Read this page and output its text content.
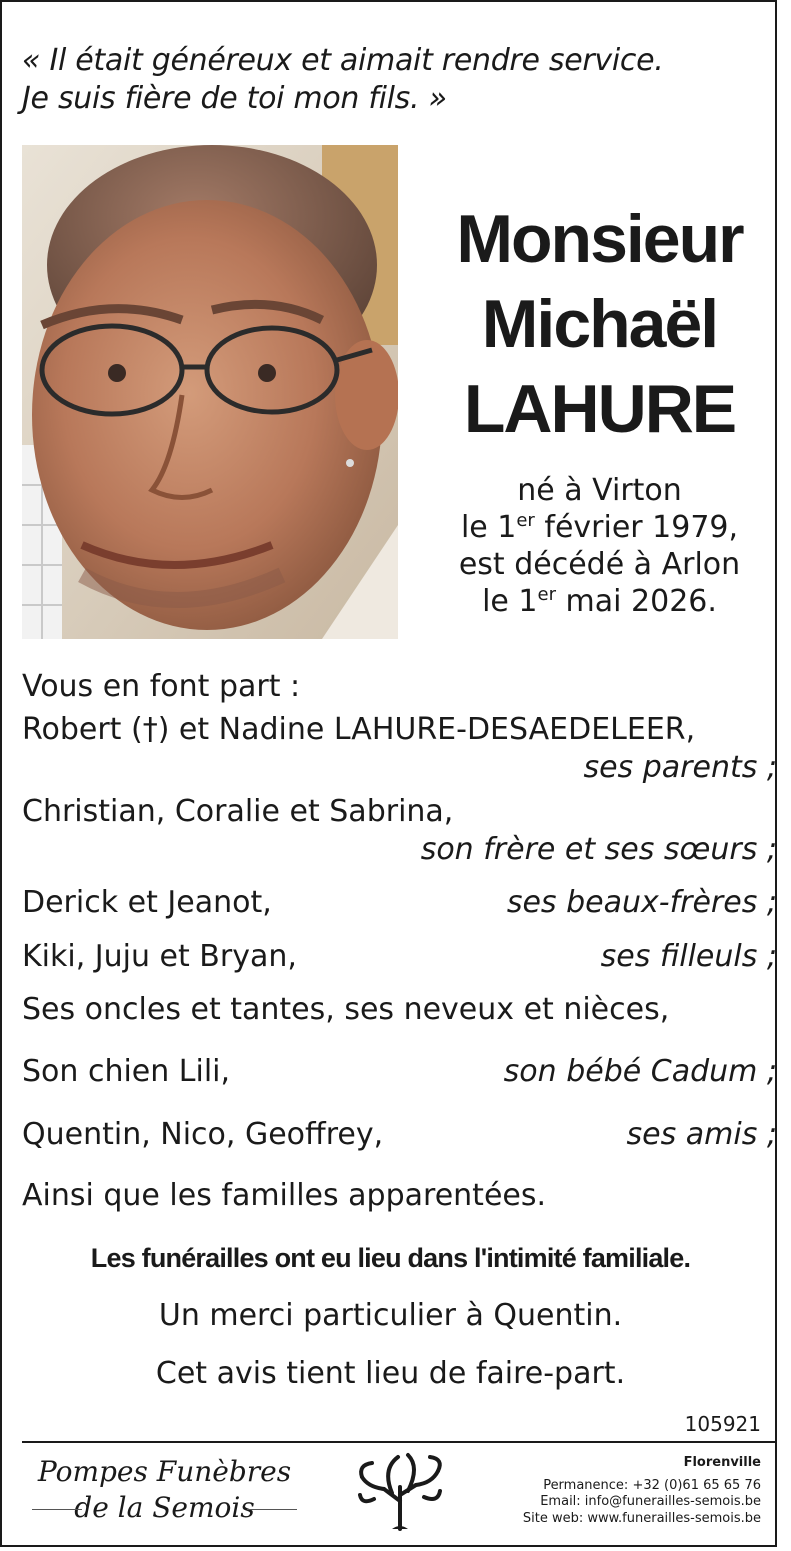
« Il était généreux et aimait rendre service.
Je suis fière de toi mon fils. »
Monsieur
Michaël
LAHURE
né à Virton
le 1er février 1979,
est décédé à Arlon
le 1er mai 2026.
Vous en font part :
Robert (†) et Nadine LAHURE-DESAEDELEER,
ses parents ;
Christian, Coralie et Sabrina,
son frère et ses sœurs ;
Derick et Jeanot,	ses beaux-frères ;
Kiki, Juju et Bryan,	ses filleuls ;
Ses oncles et tantes, ses neveux et nièces,
Son chien Lili,	son bébé Cadum ;
Quentin, Nico, Geoffrey,	ses amis ;
Ainsi que les familles apparentées.
Les funérailles ont eu lieu dans l'intimité familiale.
Un merci particulier à Quentin.
Cet avis tient lieu de faire-part.
105921
Pompes Funèbres
de la Semois
Florenville
Permanence: +32 (0)61 65 65 76
Email: info@funerailles-semois.be
Site web: www.funerailles-semois.be
